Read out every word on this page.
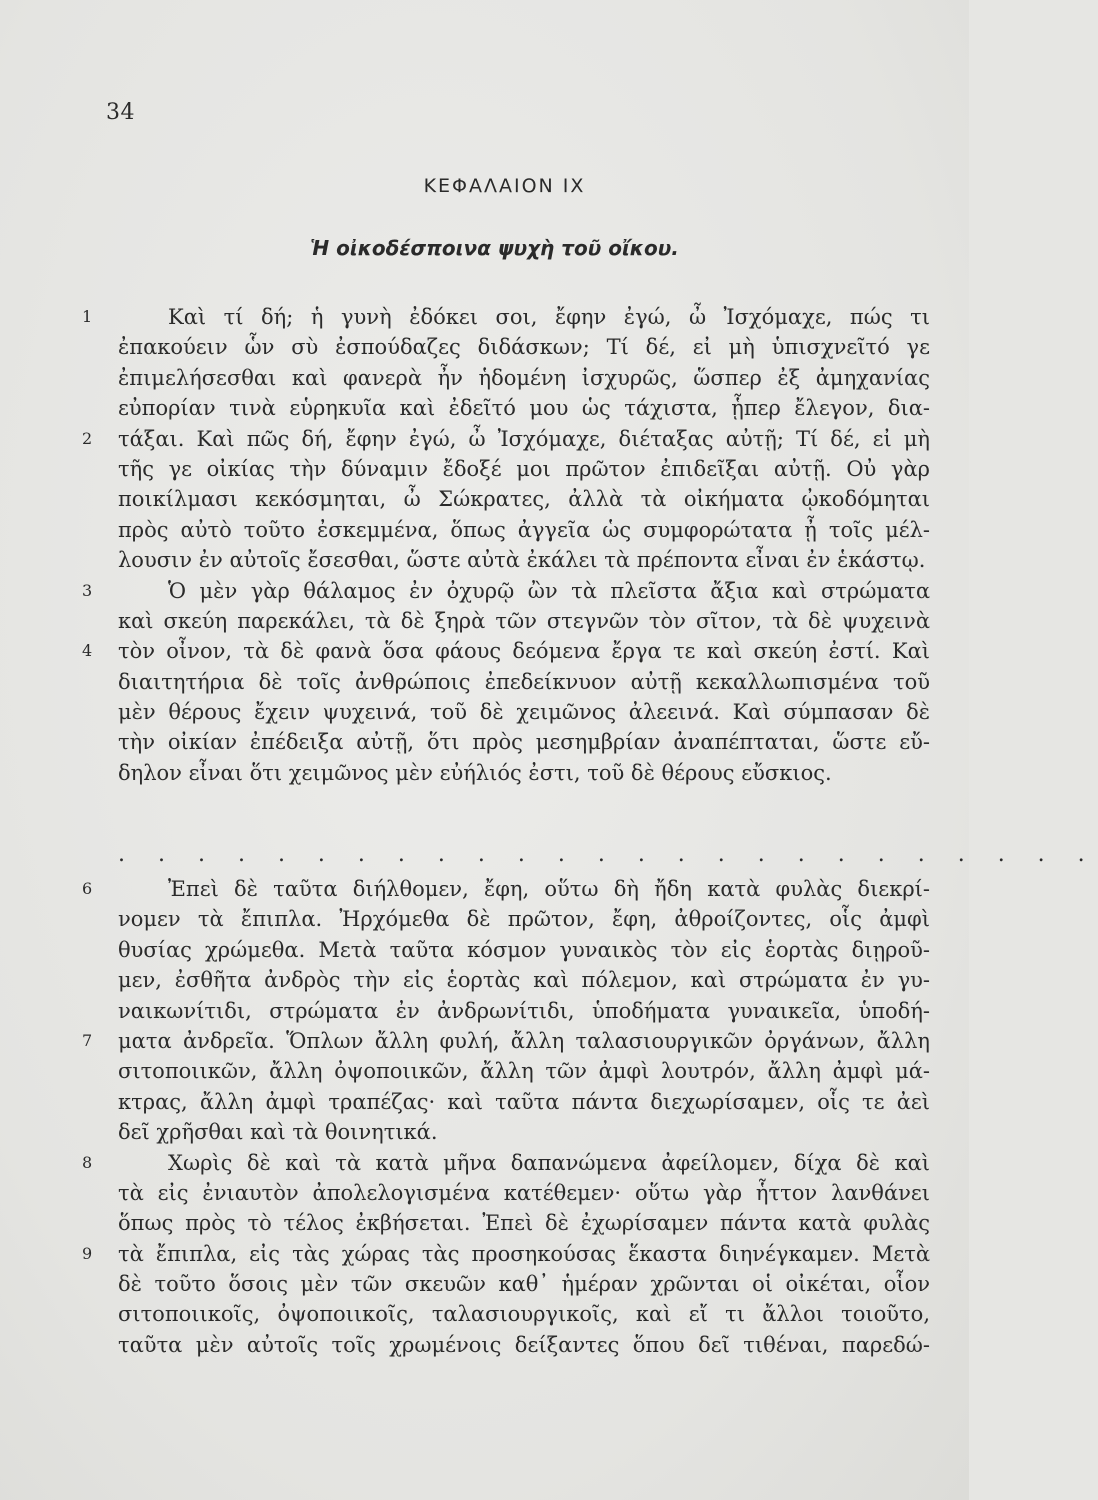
34
ΚΕΦΑΛΑΙΟΝ ΙΧ
Ἡ οἰκοδέσποινα ψυχὴ τοῦ οἴκου.
1	Καὶ τί δή; ἡ γυνὴ ἐδόκει σοι, ἔφην ἐγώ, ὦ Ἰσχόμαχε, πώς τι
ἐπακούειν ὧν σὺ ἐσπούδαζες διδάσκων; Τί δέ, εἰ μὴ ὑπισχνεῖτό γε
ἐπιμελήσεσθαι καὶ φανερὰ ἦν ἡδομένη ἰσχυρῶς, ὥσπερ ἐξ ἀμηχανίας
εὐπορίαν τινὰ εὑρηκυῖα καὶ ἐδεῖτό μου ὡς τάχιστα, ᾗπερ ἔλεγον, δια-
2	τάξαι. Καὶ πῶς δή, ἔφην ἐγώ, ὦ Ἰσχόμαχε, διέταξας αὐτῇ; Τί δέ, εἰ μὴ
τῆς γε οἰκίας τὴν δύναμιν ἔδοξέ μοι πρῶτον ἐπιδεῖξαι αὐτῇ. Οὐ γὰρ
ποικίλμασι κεκόσμηται, ὦ Σώκρατες, ἀλλὰ τὰ οἰκήματα ᾠκοδόμηται
πρὸς αὐτὸ τοῦτο ἐσκεμμένα, ὅπως ἀγγεῖα ὡς συμφορώτατα ᾖ τοῖς μέλ-
λουσιν ἐν αὐτοῖς ἔσεσθαι, ὥστε αὐτὰ ἐκάλει τὰ πρέποντα εἶναι ἐν ἑκάστῳ.
3	Ὁ μὲν γὰρ θάλαμος ἐν ὀχυρῷ ὢν τὰ πλεῖστα ἄξια καὶ στρώματα
καὶ σκεύη παρεκάλει, τὰ δὲ ξηρὰ τῶν στεγνῶν τὸν σῖτον, τὰ δὲ ψυχεινὰ
4	τὸν οἶνον, τὰ δὲ φανὰ ὅσα φάους δεόμενα ἔργα τε καὶ σκεύη ἐστί. Καὶ
διαιτητήρια δὲ τοῖς ἀνθρώποις ἐπεδείκνυον αὐτῇ κεκαλλωπισμένα τοῦ
μὲν θέρους ἔχειν ψυχεινά, τοῦ δὲ χειμῶνος ἀλεεινά. Καὶ σύμπασαν δὲ
τὴν οἰκίαν ἐπέδειξα αὐτῇ, ὅτι πρὸς μεσημβρίαν ἀναπέπταται, ὥστε εὔ-
δηλον εἶναι ὅτι χειμῶνος μὲν εὐήλιός ἐστι, τοῦ δὲ θέρους εὔσκιος.
. . . . . . . . . . . . . . . . . . . . . . . . .
6	Ἐπεὶ δὲ ταῦτα διήλθομεν, ἔφη, οὕτω δὴ ἤδη κατὰ φυλὰς διεκρί-
νομεν τὰ ἔπιπλα. Ἠρχόμεθα δὲ πρῶτον, ἔφη, ἀθροίζοντες, οἷς ἀμφὶ
θυσίας χρώμεθα. Μετὰ ταῦτα κόσμον γυναικὸς τὸν εἰς ἑορτὰς διῃροῦ-
μεν, ἐσθῆτα ἀνδρὸς τὴν εἰς ἑορτὰς καὶ πόλεμον, καὶ στρώματα ἐν γυ-
ναικωνίτιδι, στρώματα ἐν ἀνδρωνίτιδι, ὑποδήματα γυναικεῖα, ὑποδή-
7	ματα ἀνδρεῖα. Ὅπλων ἄλλη φυλή, ἄλλη ταλασιουργικῶν ὀργάνων, ἄλλη
σιτοποιικῶν, ἄλλη ὀψοποιικῶν, ἄλλη τῶν ἀμφὶ λουτρόν, ἄλλη ἀμφὶ μά-
κτρας, ἄλλη ἀμφὶ τραπέζας· καὶ ταῦτα πάντα διεχωρίσαμεν, οἷς τε ἀεὶ
δεῖ χρῆσθαι καὶ τὰ θοινητικά.
8	Χωρὶς δὲ καὶ τὰ κατὰ μῆνα δαπανώμενα ἀφείλομεν, δίχα δὲ καὶ
τὰ εἰς ἐνιαυτὸν ἀπολελογισμένα κατέθεμεν· οὕτω γὰρ ἧττον λανθάνει
ὅπως πρὸς τὸ τέλος ἐκβήσεται. Ἐπεὶ δὲ ἐχωρίσαμεν πάντα κατὰ φυλὰς
9	τὰ ἔπιπλα, εἰς τὰς χώρας τὰς προσηκούσας ἕκαστα διηνέγκαμεν. Μετὰ
δὲ τοῦτο ὅσοις μὲν τῶν σκευῶν καθ᾽ ἡμέραν χρῶνται οἱ οἰκέται, οἷον
σιτοποιικοῖς, ὀψοποιικοῖς, ταλασιουργικοῖς, καὶ εἴ τι ἄλλοι τοιοῦτο,
ταῦτα μὲν αὐτοῖς τοῖς χρωμένοις δείξαντες ὅπου δεῖ τιθέναι, παρεδώ-
